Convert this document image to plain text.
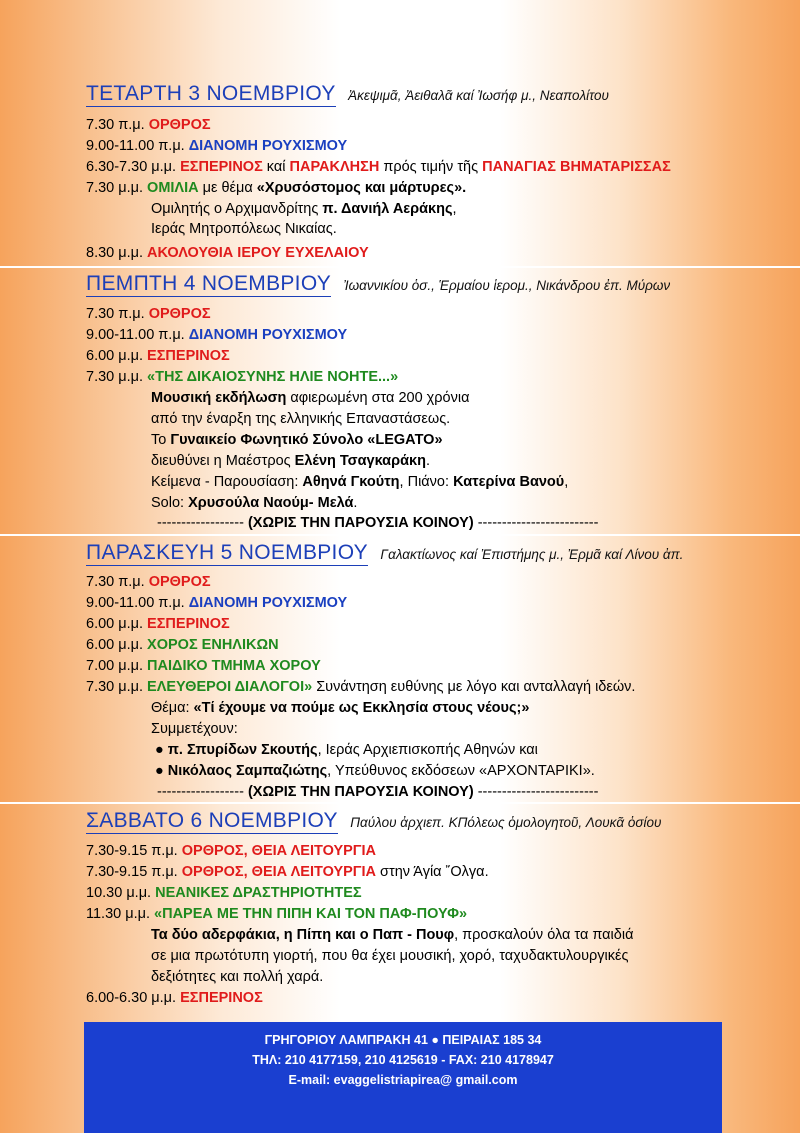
ΤΕΤΑΡΤΗ 3 ΝΟΕΜΒΡΙΟΥ Ἀκεψιμᾶ, Ἀειθαλᾶ καί Ἰωσήφ μ., Νεαπολίτου
7.30 π.μ. ΟΡΘΡΟΣ
9.00-11.00 π.μ. ΔΙΑΝΟΜΗ ΡΟΥΧΙΣΜΟΥ
6.30-7.30 μ.μ. ΕΣΠΕΡΙΝΟΣ καί ΠΑΡΑΚΛΗΣΗ πρός τιμήν τῆς ΠΑΝΑΓΙΑΣ ΒΗΜΑΤΑΡΙΣΣΑΣ
7.30 μ.μ. ΟΜΙΛΙΑ με θέμα «Χρυσόστομος και μάρτυρες».
Ομιλητής ο Αρχιμανδρίτης π. Δανιήλ Αεράκης,
Ιεράς Μητροπόλεως Νικαίας.
8.30 μ.μ. ΑΚΟΛΟΥΘΙΑ ΙΕΡΟΥ ΕΥΧΕΛΑΙΟΥ
ΠΕΜΠΤΗ 4 ΝΟΕΜΒΡΙΟΥ Ἰωαννικίου ὁσ., Ἑρμαίου ἱερομ., Νικάνδρου ἐπ. Μύρων
7.30 π.μ. ΟΡΘΡΟΣ
9.00-11.00 π.μ. ΔΙΑΝΟΜΗ ΡΟΥΧΙΣΜΟΥ
6.00 μ.μ. ΕΣΠΕΡΙΝΟΣ
7.30 μ.μ. «ΤΗΣ ΔΙΚΑΙΟΣΥΝΗΣ ΗΛΙΕ ΝΟΗΤΕ...»
Μουσική εκδήλωση αφιερωμένη στα 200 χρόνια
από την έναρξη της ελληνικής Επαναστάσεως.
Το Γυναικείο Φωνητικό Σύνολο «LEGATO»
διευθύνει η Μαέστρος Ελένη Τσαγκαράκη.
Κείμενα - Παρουσίαση: Αθηνά Γκούτη, Πιάνο: Κατερίνα Βανού,
Solo: Χρυσούλα Ναούμ- Μελά.
------------------ (ΧΩΡΙΣ ΤΗΝ ΠΑΡΟΥΣΙΑ ΚΟΙΝΟΥ) -------------------------
ΠΑΡΑΣΚΕΥΗ 5 ΝΟΕΜΒΡΙΟΥ Γαλακτίωνος καί Ἐπιστήμης μ., Ἐρμᾶ καί Λίνου ἀπ.
7.30 π.μ. ΟΡΘΡΟΣ
9.00-11.00 π.μ. ΔΙΑΝΟΜΗ ΡΟΥΧΙΣΜΟΥ
6.00 μ.μ. ΕΣΠΕΡΙΝΟΣ
6.00 μ.μ. ΧΟΡΟΣ ΕΝΗΛΙΚΩΝ
7.00 μ.μ. ΠΑΙΔΙΚΟ ΤΜΗΜΑ ΧΟΡΟΥ
7.30 μ.μ. ΕΛΕΥΘΕΡΟΙ ΔΙΑΛΟΓΟΙ» Συνάντηση ευθύνης με λόγο και ανταλλαγή ιδεών.
Θέμα: «Τί έχουμε να πούμε ως Εκκλησία στους νέους;»
Συμμετέχουν:
● π. Σπυρίδων Σκουτής, Ιεράς Αρχιεπισκοπής Αθηνών και
● Νικόλαος Σαμπαζιώτης, Υπεύθυνος εκδόσεων «ΑΡΧΟΝΤΑΡΙΚΙ».
------------------ (ΧΩΡΙΣ ΤΗΝ ΠΑΡΟΥΣΙΑ ΚΟΙΝΟΥ) -------------------------
ΣΑΒΒΑΤΟ 6 ΝΟΕΜΒΡΙΟΥ Παύλου ἀρχιεπ. ΚΠόλεως ὁμολογητοῦ, Λουκᾶ ὁσίου
7.30-9.15 π.μ. ΟΡΘΡΟΣ, ΘΕΙΑ ΛΕΙΤΟΥΡΓΙΑ
7.30-9.15 π.μ. ΟΡΘΡΟΣ, ΘΕΙΑ ΛΕΙΤΟΥΡΓΙΑ στην Άγία ῎Ολγα.
10.30 μ.μ. ΝΕΑΝΙΚΕΣ ΔΡΑΣΤΗΡΙΟΤΗΤΕΣ
11.30 μ.μ. «ΠΑΡΕΑ ΜΕ ΤΗΝ ΠΙΠΗ ΚΑΙ ΤΟΝ ΠΑΦ-ΠΟΥΦ»
Τα δύο αδερφάκια, η Πίπη και ο Παπ - Πουφ, προσκαλούν όλα τα παιδιά
σε μια πρωτότυπη γιορτή, που θα έχει μουσική, χορό, ταχυδακτυλουργικές
δεξιότητες και πολλή χαρά.
6.00-6.30 μ.μ. ΕΣΠΕΡΙΝΟΣ
ΓΡΗΓΟΡΙΟΥ ΛΑΜΠΡΑΚΗ 41 ● ΠΕΙΡΑΙΑΣ 185 34
ΤΗΛ: 210 4177159, 210 4125619 - FAX: 210 4178947
E-mail: evaggelistriapirea@ gmail.com
